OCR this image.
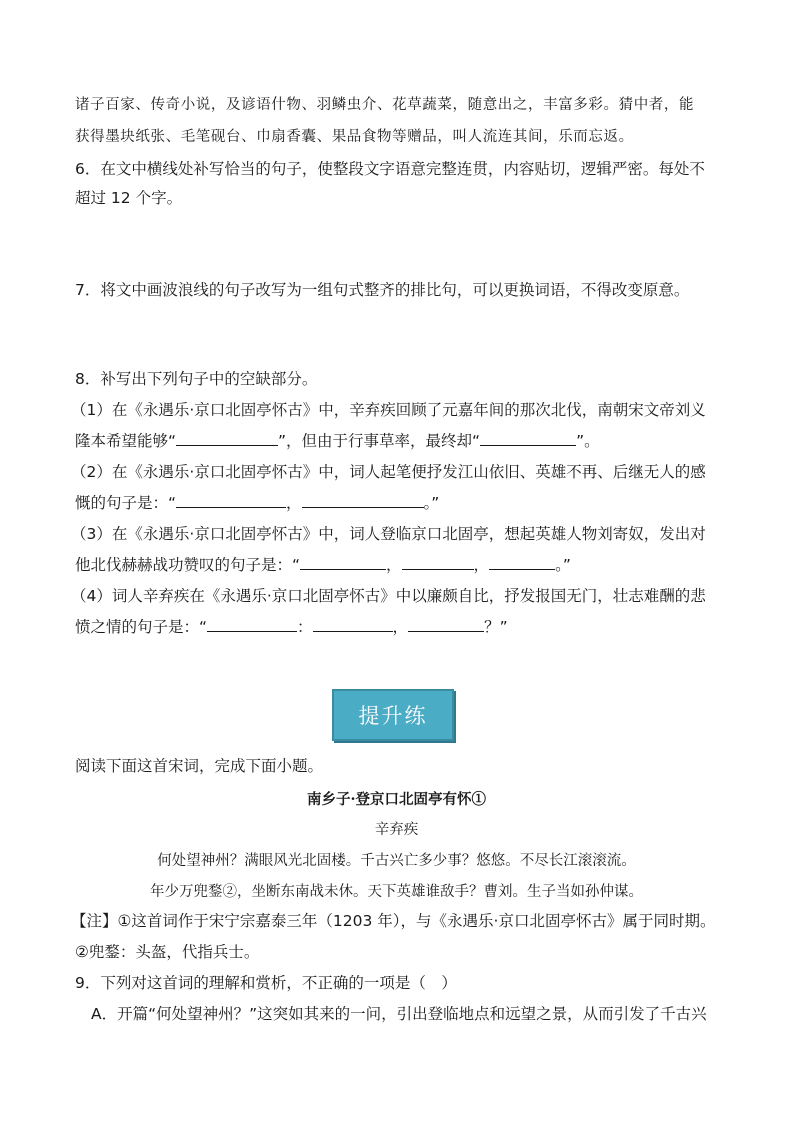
诸子百家、传奇小说，及谚语什物、羽鳞虫介、花草蔬菜，随意出之，丰富多彩。猜中者，能
获得墨块纸张、毛笔砚台、巾扇香囊、果品食物等赠品，叫人流连其间，乐而忘返。
6．在文中横线处补写恰当的句子，使整段文字语意完整连贯，内容贴切，逻辑严密。每处不
超过 12 个字。
7．将文中画波浪线的句子改写为一组句式整齐的排比句，可以更换词语，不得改变原意。
8．补写出下列句子中的空缺部分。
（1）在《永遇乐·京口北固亭怀古》中，辛弃疾回顾了元嘉年间的那次北伐，南朝宋文帝刘义
隆本希望能够“	”，但由于行事草率，最终却“	”。
（2）在《永遇乐·京口北固亭怀古》中，词人起笔便抒发江山依旧、英雄不再、后继无人的感
慨的句子是：“	，	。”
（3）在《永遇乐·京口北固亭怀古》中，词人登临京口北固亭，想起英雄人物刘寄奴，发出对
他北伐赫赫战功赞叹的句子是：“	，	，	。”
（4）词人辛弃疾在《永遇乐·京口北固亭怀古》中以廉颇自比，抒发报国无门，壮志难酬的悲
愤之情的句子是：“	：	，	？”
提升练
阅读下面这首宋词，完成下面小题。
南乡子·登京口北固亭有怀①
辛弃疾
何处望神州？满眼风光北固楼。千古兴亡多少事？悠悠。不尽长江滚滚流。
年少万兜鍪②，坐断东南战未休。天下英雄谁敌手？曹刘。生子当如孙仲谋。
【注】①这首词作于宋宁宗嘉泰三年（1203 年），与《永遇乐·京口北固亭怀古》属于同时期。
②兜鍪：头盔，代指兵士。
9．下列对这首词的理解和赏析，不正确的一项是（　）
A．开篇“何处望神州？”这突如其来的一问，引出登临地点和远望之景，从而引发了千古兴
